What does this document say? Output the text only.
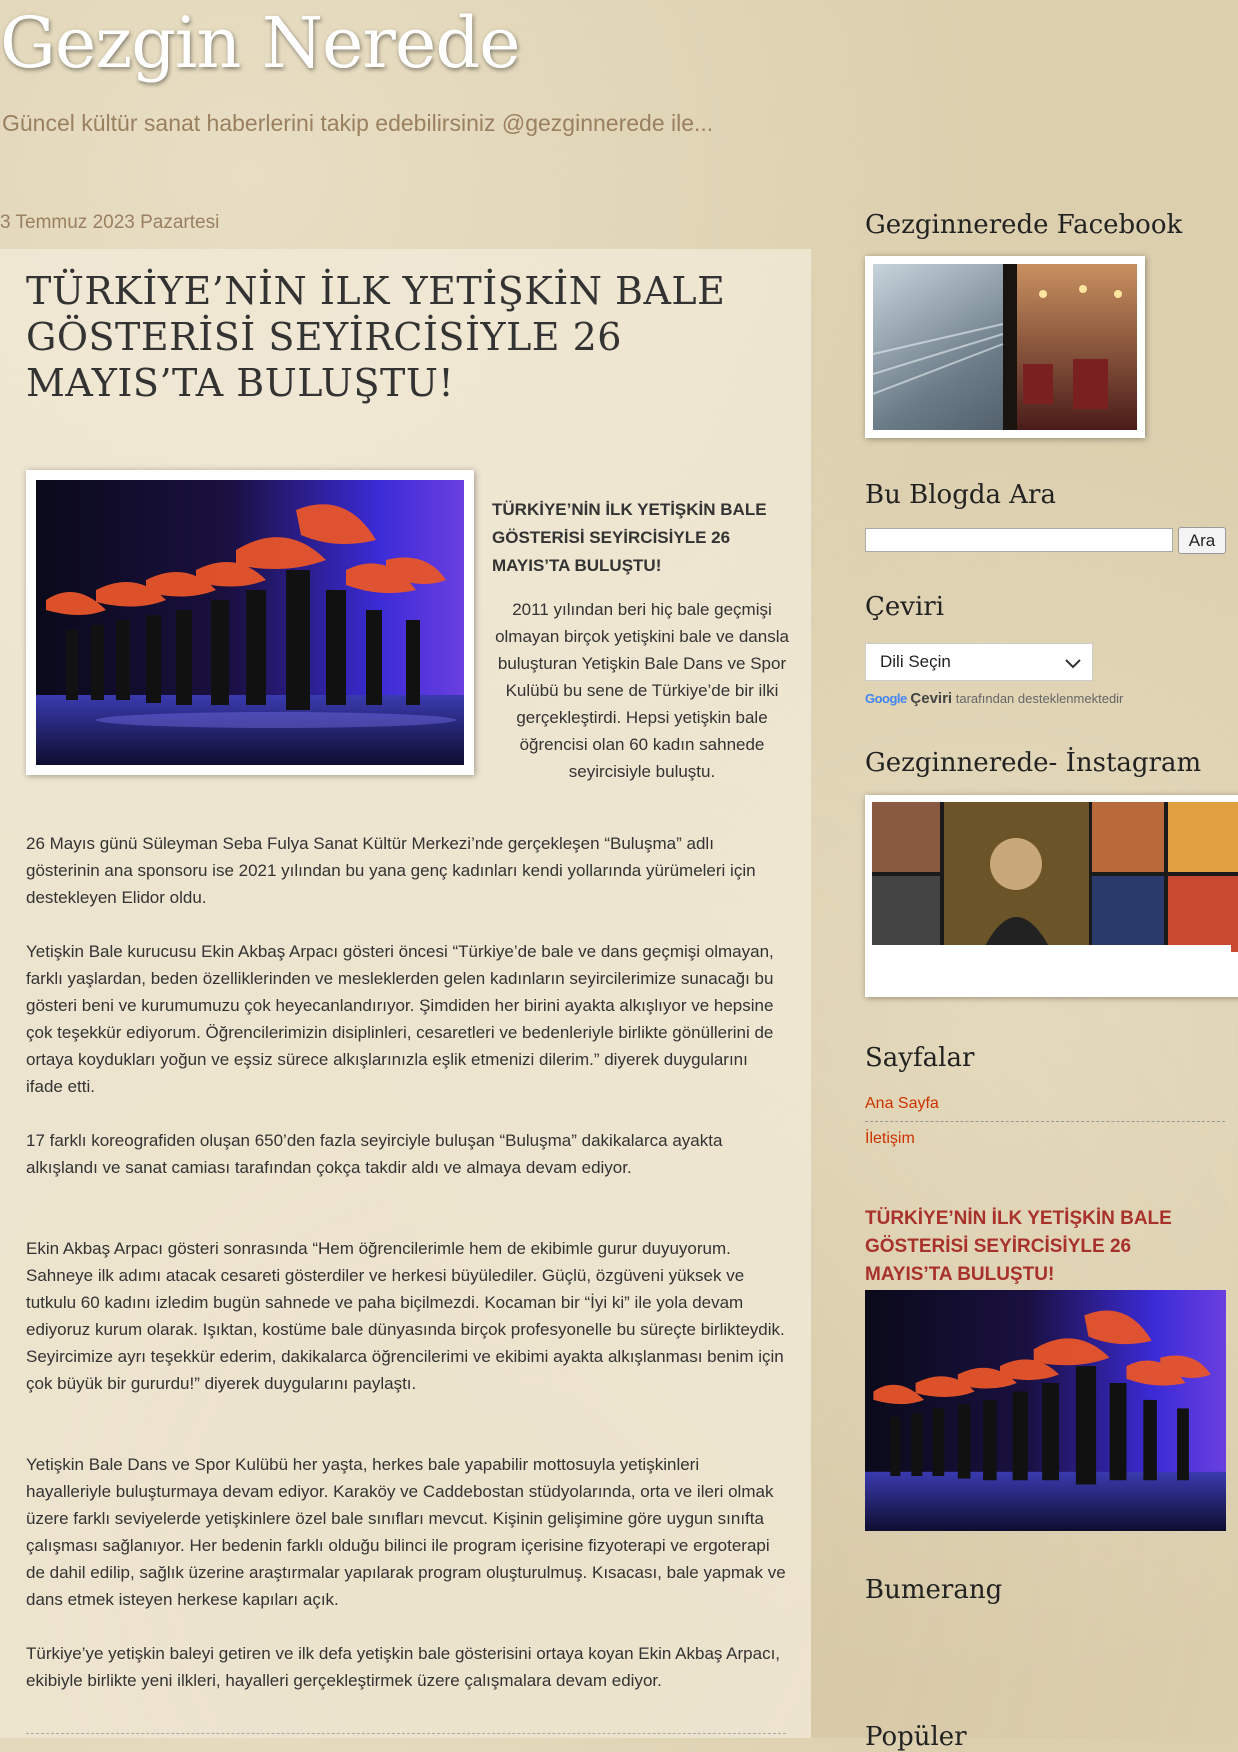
Gezgin Nerede
Güncel kültür sanat haberlerini takip edebilirsiniz @gezginnerede ile...
3 Temmuz 2023 Pazartesi
TÜRKİYE’NİN İLK YETİŞKİN BALE GÖSTERİSİ SEYİRCİSİYLE 26 MAYIS’TA BULUŞTU!
TÜRKİYE’NİN İLK YETİŞKİN BALE GÖSTERİSİ SEYİRCİSİYLE 26 MAYIS’TA BULUŞTU!
2011 yılından beri hiç bale geçmişi olmayan birçok yetişkini bale ve dansla buluşturan Yetişkin Bale Dans ve Spor Kulübü bu sene de Türkiye’de bir ilki gerçekleştirdi. Hepsi yetişkin bale öğrencisi olan 60 kadın sahnede seyircisiyle buluştu.

26 Mayıs günü Süleyman Seba Fulya Sanat Kültür Merkezi’nde gerçekleşen “Buluşma” adlı gösterinin ana sponsoru ise 2021 yılından bu yana genç kadınları kendi yollarında yürümeleri için destekleyen Elidor oldu.

Yetişkin Bale kurucusu Ekin Akbaş Arpacı gösteri öncesi “Türkiye’de bale ve dans geçmişi olmayan, farklı yaşlardan, beden özelliklerinden ve mesleklerden gelen kadınların seyircilerimize sunacağı bu gösteri beni ve kurumumuzu çok heyecanlandırıyor. Şimdiden her birini ayakta alkışlıyor ve hepsine çok teşekkür ediyorum. Öğrencilerimizin disiplinleri, cesaretleri ve bedenleriyle birlikte gönüllerini de ortaya koydukları yoğun ve eşsiz sürece alkışlarınızla eşlik etmenizi dilerim.” diyerek duygularını ifade etti.

17 farklı koreografiden oluşan 650’den fazla seyirciyle buluşan “Buluşma” dakikalarca ayakta alkışlandı ve sanat camiası tarafından çokça takdir aldı ve almaya devam ediyor.

Ekin Akbaş Arpacı gösteri sonrasında “Hem öğrencilerimle hem de ekibimle gurur duyuyorum. Sahneye ilk adımı atacak cesareti gösterdiler ve herkesi büyülediler. Güçlü, özgüveni yüksek ve tutkulu 60 kadını izledim bugün sahnede ve paha biçilmezdi. Kocaman bir “İyi ki” ile yola devam ediyoruz kurum olarak. Işıktan, kostüme bale dünyasında birçok profesyonelle bu süreçte birlikteydik. Seyircimize ayrı teşekkür ederim, dakikalarca öğrencilerimi ve ekibimi ayakta alkışlanması benim için çok büyük bir gururdu!” diyerek duygularını paylaştı.

Yetişkin Bale Dans ve Spor Kulübü her yaşta, herkes bale yapabilir mottosuyla yetişkinleri hayalleriyle buluşturmaya devam ediyor. Karaköy ve Caddebostan stüdyolarında, orta ve ileri olmak üzere farklı seviyelerde yetişkinlere özel bale sınıfları mevcut. Kişinin gelişimine göre uygun sınıfta çalışması sağlanıyor. Her bedenin farklı olduğu bilinci ile program içerisine fizyoterapi ve ergoterapi de dahil edilip, sağlık üzerine araştırmalar yapılarak program oluşturulmuş. Kısacası, bale yapmak ve dans etmek isteyen herkese kapıları açık.

Türkiye’ye yetişkin baleyi getiren ve ilk defa yetişkin bale gösterisini ortaya koyan Ekin Akbaş Arpacı, ekibiyle birlikte yeni ilkleri, hayalleri gerçekleştirmek üzere çalışmalara devam ediyor.

Gezginnerede Facebook
Bu Blogda Ara
Ara
Çeviri
Dili Seçin
Google Çeviri tarafından desteklenmektedir
Gezginnerede- İnstagram
Sayfalar
Ana Sayfa
İletişim
TÜRKİYE’NİN İLK YETİŞKİN BALE GÖSTERİSİ SEYİRCİSİYLE 26 MAYIS’TA BULUŞTU!
Bumerang
Popüler
